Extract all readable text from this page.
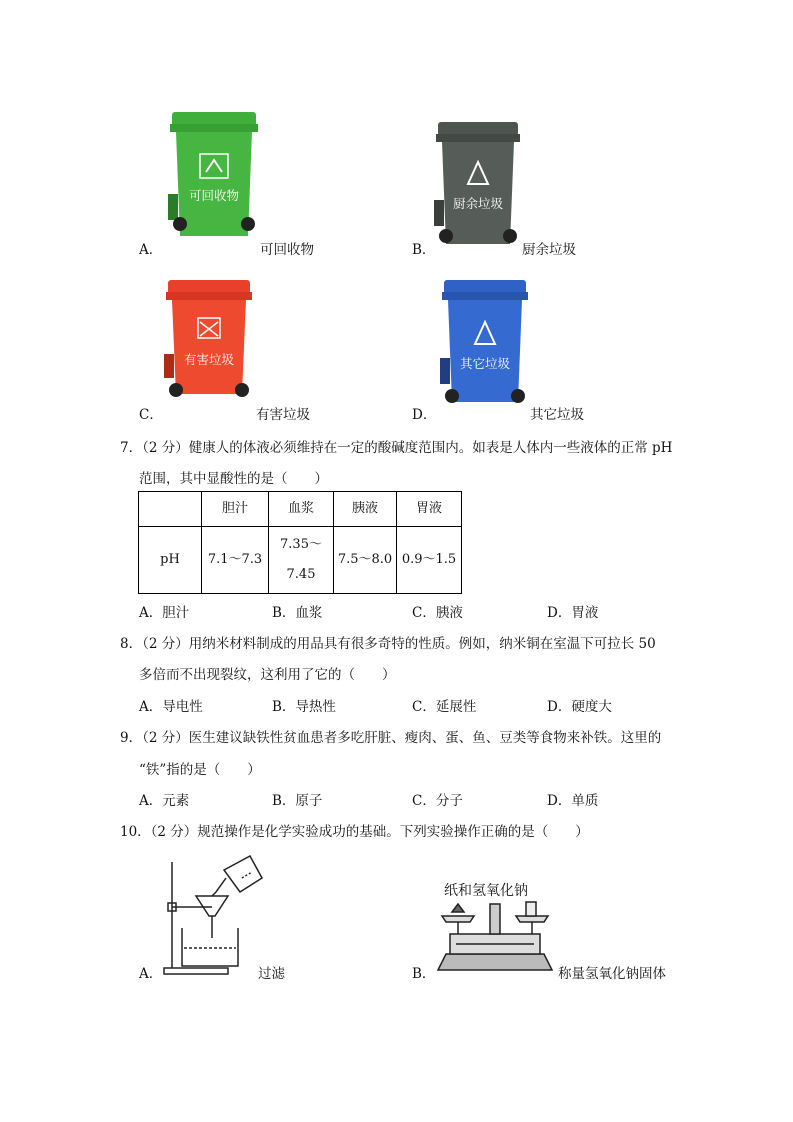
可回收物
A．	可回收物
厨余垃圾
B．	厨余垃圾
有害垃圾
C．	有害垃圾
其它垃圾
D．	其它垃圾
7．（2 分）健康人的体液必须维持在一定的酸碱度范围内。如表是人体内一些液体的正常 pH
范围，其中显酸性的是（　　）
	胆汁	血浆	胰液	胃液
pH	7.1～7.3	7.35～
7.45	7.5～8.0	0.9～1.5
A．胆汁	B．血浆	C．胰液	D．胃液
8．（2 分）用纳米材料制成的用品具有很多奇特的性质。例如，纳米铜在室温下可拉长 50
多倍而不出现裂纹，这利用了它的（　　）
A．导电性	B．导热性	C．延展性	D．硬度大
9．（2 分）医生建议缺铁性贫血患者多吃肝脏、瘦肉、蛋、鱼、豆类等食物来补铁。这里的
“铁”指的是（　　）
A．元素	B．原子	C．分子	D．单质
10．（2 分）规范操作是化学实验成功的基础。下列实验操作正确的是（　　）
A．	过滤
纸和氢氧化钠
B．	称量氢氧化钠固体
